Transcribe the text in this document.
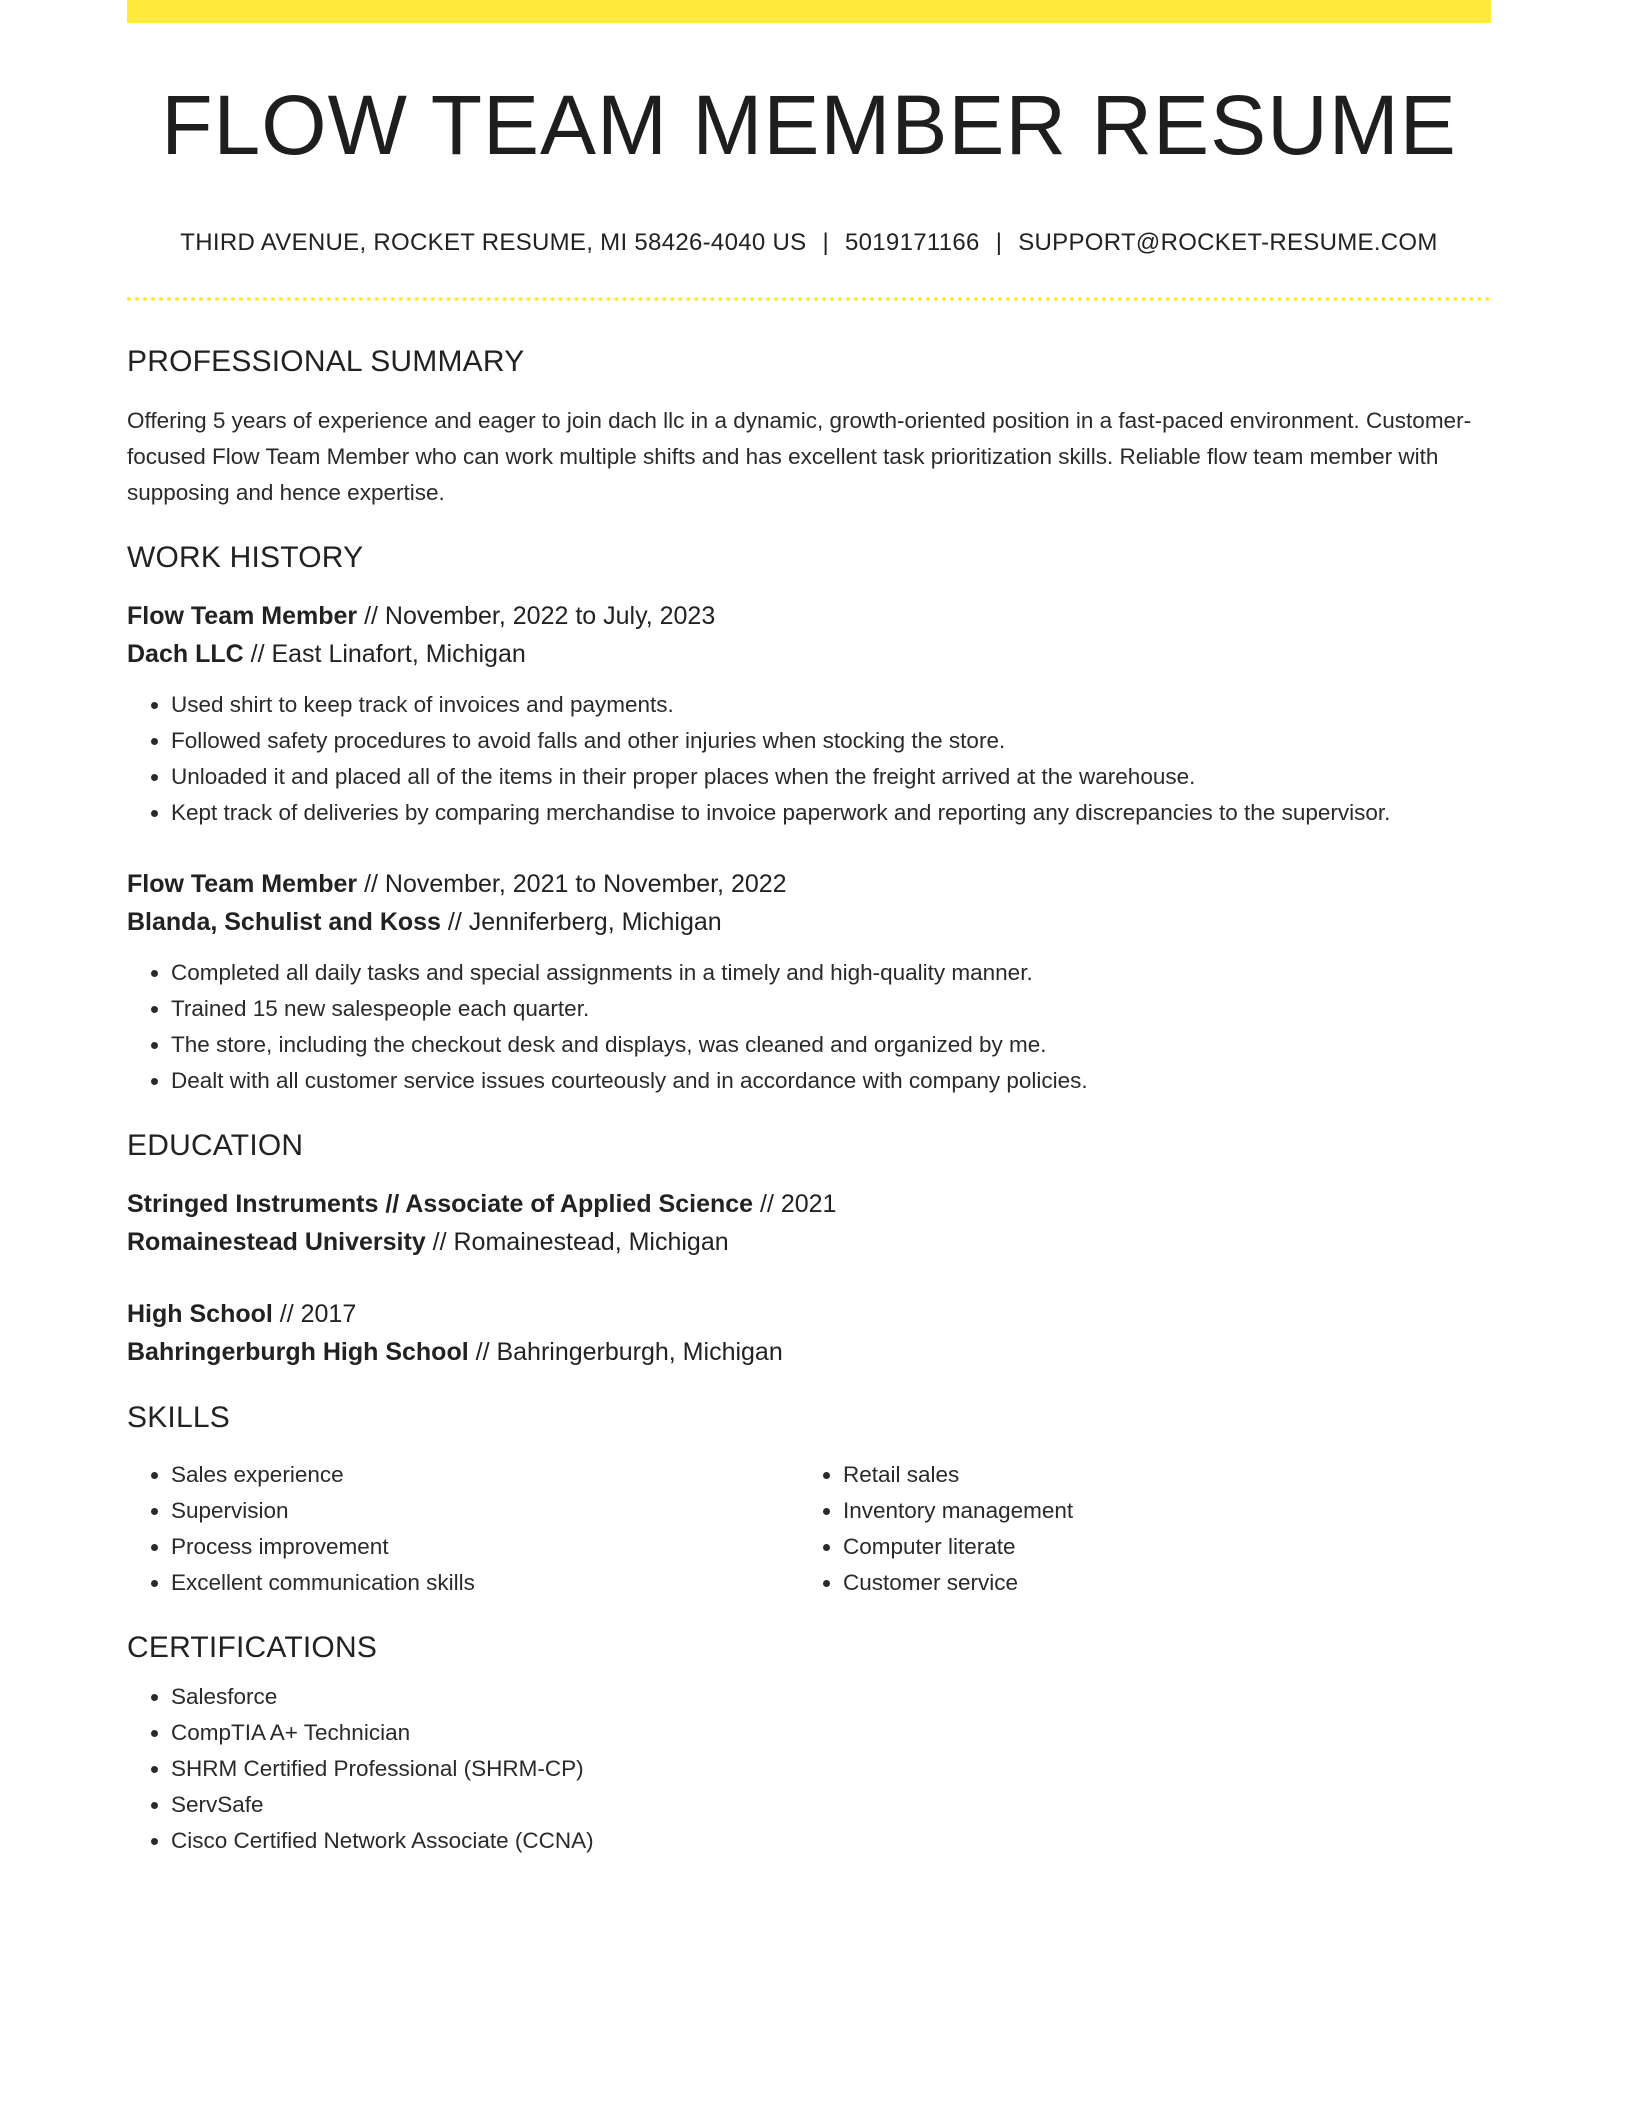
FLOW TEAM MEMBER RESUME
THIRD AVENUE, ROCKET RESUME, MI 58426-4040 US | 5019171166 | SUPPORT@ROCKET-RESUME.COM
PROFESSIONAL SUMMARY
Offering 5 years of experience and eager to join dach llc in a dynamic, growth-oriented position in a fast-paced environment. Customer-focused Flow Team Member who can work multiple shifts and has excellent task prioritization skills. Reliable flow team member with supposing and hence expertise.
WORK HISTORY
Flow Team Member // November, 2022 to July, 2023
Dach LLC // East Linafort, Michigan
• Used shirt to keep track of invoices and payments.
• Followed safety procedures to avoid falls and other injuries when stocking the store.
• Unloaded it and placed all of the items in their proper places when the freight arrived at the warehouse.
• Kept track of deliveries by comparing merchandise to invoice paperwork and reporting any discrepancies to the supervisor.
Flow Team Member // November, 2021 to November, 2022
Blanda, Schulist and Koss // Jenniferberg, Michigan
• Completed all daily tasks and special assignments in a timely and high-quality manner.
• Trained 15 new salespeople each quarter.
• The store, including the checkout desk and displays, was cleaned and organized by me.
• Dealt with all customer service issues courteously and in accordance with company policies.
EDUCATION
Stringed Instruments // Associate of Applied Science // 2021
Romainestead University // Romainestead, Michigan
High School // 2017
Bahringerburgh High School // Bahringerburgh, Michigan
SKILLS
• Sales experience
• Supervision
• Process improvement
• Excellent communication skills
• Retail sales
• Inventory management
• Computer literate
• Customer service
CERTIFICATIONS
• Salesforce
• CompTIA A+ Technician
• SHRM Certified Professional (SHRM-CP)
• ServSafe
• Cisco Certified Network Associate (CCNA)
